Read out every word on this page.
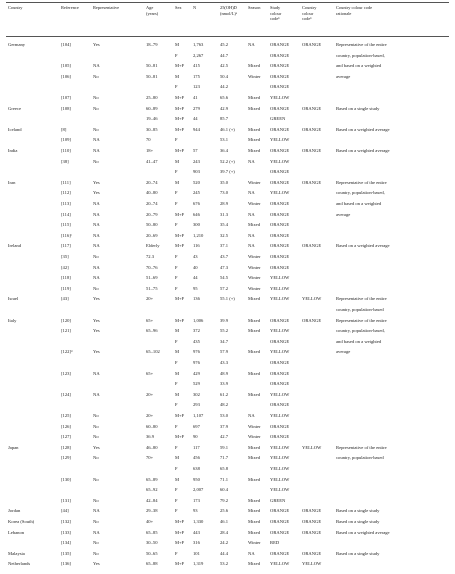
Country	Reference	Representative	Age
(years)
Sex	N	25(OH)D
(nmol/L)ᵃ
Season Study
colour
codeᵇ
Country
colour
codeᵇ
Country colour code
rationale
Germany	[104]	Yes	18–79	M	1,763	45.2	NA	ORANGE	ORANGE	Representative of the entire
F	2,267	44.7	ORANGE	country, population-based,
[105]	NA	50–81	M+F 415	42.5	Mixed ORANGE	and based on a weighted
[106]	No	50–81	M	175	50.4	Winter ORANGE	average
F	123	44.2	ORANGE
[107]	No	25–80	M+F 41	65.6	Mixed YELLOW
Greece	[108]	No	60–89	M+F 279	42.9	Mixed ORANGE	ORANGE	Based on a single study
19–46	M+F 44	85.7	GREEN
Iceland	[8]	No	30–85	M+F 944	46.1 (+)	Mixed ORANGE	ORANGE	Based on a weighted average
[109]	NA	70	F	53.1	Mixed YELLOW
India	[110]	NA	18+	M+F 57	36.4	Mixed ORANGE	ORANGE	Based on a weighted average
[38]	No	41–47	M	243	52.2 (+)	NA	YELLOW
F	903	39.7 (+)	ORANGE
Iran	[111]	Yes	20–74	M	520	35.0	Winter ORANGE	ORANGE	Representative of the entire
[112]	Yes	40–80	F	245	73.0	NA	YELLOW	country, population-based,
[113]	NA	20–74	F	676	28.9	Winter ORANGE	and based on a weighted
[114]	NA	20–79	M+F 646	31.3	NA	ORANGE	average
[115]	NA	50–80	F	300	35.4	Mixed ORANGE
[116]ᶜ	NA	20–69	M+F 1,210	32.5	NA	ORANGE
Ireland	[117]	NA	Elderly	M+F 116	37.1	NA	ORANGE	ORANGE	Based on a weighted average
[35]	No	72.3	F	43	43.7	Winter ORANGE
[42]	NA	70–76	F	40	47.3	Winter ORANGE
[118]	NA	51–69	F	44	54.5	Winter YELLOW
[119]	No	51–75	F	95	57.2	Winter YELLOW
Israel	[43]	Yes	20+	M+F 136	55.1 (+)	Mixed YELLOW	YELLOW	Representative of the entire
country, population-based
Italy	[120]	Yes	65+	M+F 1,006	39.9	Mixed ORANGE	ORANGE	Representative of the entire
[121]	Yes	65–96	M	372	55.2	Mixed YELLOW	country, population-based,
F	435	34.7	ORANGE	and based on a weighted
[122]ᵈ	Yes	65–102	M	976	57.9	Mixed YELLOW	average
F	976	43.3	ORANGE
[123]	NA	65+	M	429	48.9	Mixed ORANGE
F	529	33.9	ORANGE
[124]	NA	20+	M	302	61.2	Mixed YELLOW
F	293	48.2	ORANGE
[125]	No	20+	M+F 1,107	53.0	NA	YELLOW
[126]	No	60–80	F	697	37.9	Winter ORANGE
[127]	No	36.9	M+F 90	42.7	Winter ORANGE
Japan	[128]	Yes	46–80	F	117	59.1	Mixed YELLOW	YELLOW	Representative of the entire
[129]	No	70+	M	456	71.7	Mixed YELLOW	country, population-based
F	638	65.8	YELLOW
[130]	No	65–89	M	950	71.1	Mixed YELLOW
65–92	F	2,007	60.4	YELLOW
[131]	No	42–84	F	173	79.2	Mixed GREEN
Jordan	[44]	NA	29–38	F	93	25.6	Mixed ORANGE	ORANGE	Based on a single study
Korea (South)	[132]	No	40+	M+F 1,330	46.1	Mixed ORANGE	ORANGE	Based on a single study
Lebanon	[133]	NA	65–85	M+F 443	28.4	Mixed ORANGE	ORANGE	Based on a weighted average
[134]	No	30–50	M+F 316	24.2	Winter RED
Malaysia	[135]	No	50–65	F	101	44.4	NA	ORANGE	ORANGE	Based on a single study
Netherlands	[136]	Yes	65–88	M+F 1,319	53.2	Mixed YELLOW	YELLOW
